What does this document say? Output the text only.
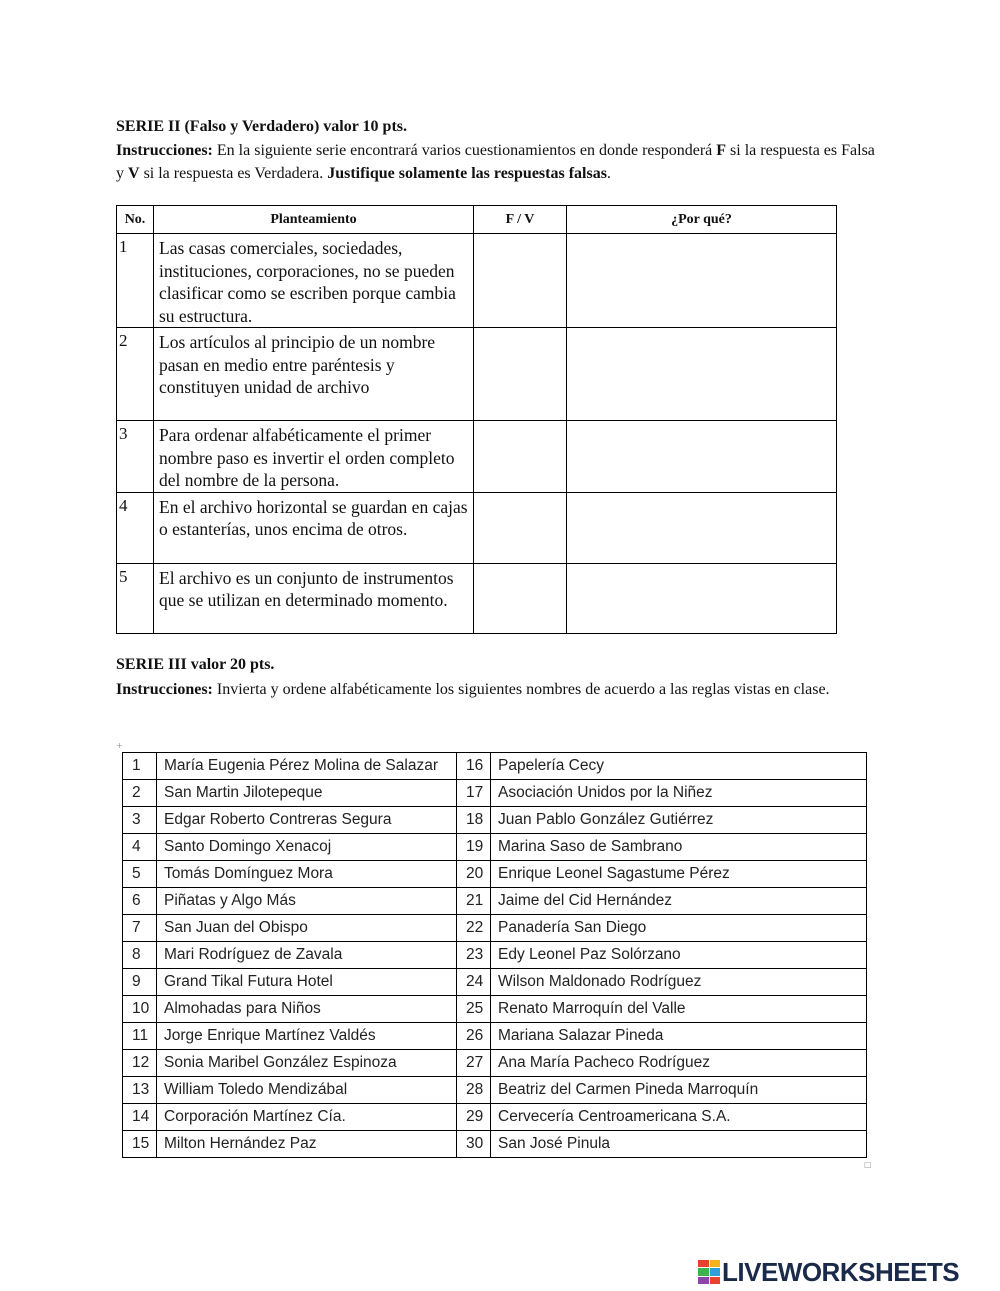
SERIE II (Falso y Verdadero) valor 10 pts.
Instrucciones: En la siguiente serie encontrará varios cuestionamientos en donde responderá F si la respuesta es Falsa y V si la respuesta es Verdadera. Justifique solamente las respuestas falsas.
No.	Planteamiento	F / V	¿Por qué?
1	Las casas comerciales, sociedades, instituciones, corporaciones, no se pueden clasificar como se escriben porque cambia su estructura.		
2	Los artículos al principio de un nombre pasan en medio entre paréntesis y constituyen unidad de archivo		
3	Para ordenar alfabéticamente el primer nombre paso es invertir el orden completo del nombre de la persona.		
4	En el archivo horizontal se guardan en cajas o estanterías, unos encima de otros.		
5	El archivo es un conjunto de instrumentos que se utilizan en determinado momento.		
SERIE III valor 20 pts.
Instrucciones: Invierta y ordene alfabéticamente los siguientes nombres de acuerdo a las reglas vistas en clase.
+
1	María Eugenia Pérez Molina de Salazar	16	Papelería Cecy
2	San Martin Jilotepeque	17	Asociación Unidos por la Niñez
3	Edgar Roberto Contreras Segura	18	Juan Pablo González Gutiérrez
4	Santo Domingo Xenacoj	19	Marina Saso de Sambrano
5	Tomás Domínguez Mora	20	Enrique Leonel Sagastume Pérez
6	Piñatas y Algo Más	21	Jaime del Cid Hernández
7	San Juan del Obispo	22	Panadería San Diego
8	Mari Rodríguez de Zavala	23	Edy Leonel Paz Solórzano
9	Grand Tikal Futura Hotel	24	Wilson Maldonado Rodríguez
10	Almohadas para Niños	25	Renato Marroquín del Valle
11	Jorge Enrique Martínez Valdés	26	Mariana Salazar Pineda
12	Sonia Maribel González Espinoza	27	Ana María Pacheco Rodríguez
13	William Toledo Mendizábal	28	Beatriz del Carmen Pineda Marroquín
14	Corporación Martínez Cía.	29	Cervecería Centroamericana S.A.
15	Milton Hernández Paz	30	San José Pinula
□
LIVEWORKSHEETS
